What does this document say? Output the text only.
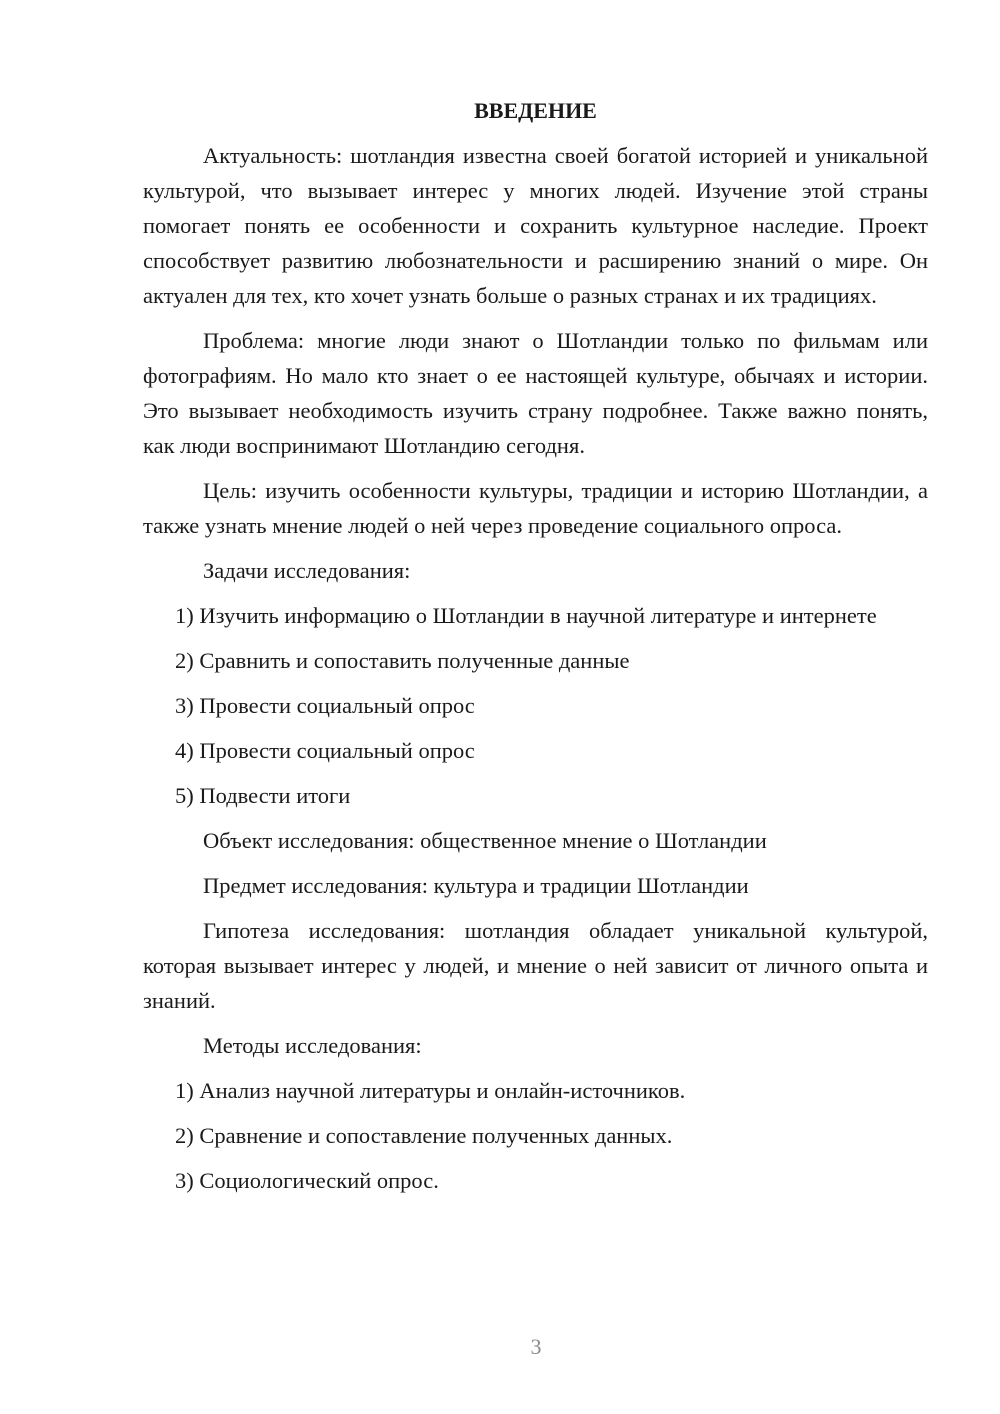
ВВЕДЕНИЕ

Актуальность: шотландия известна своей богатой историей и уникальной культурой, что вызывает интерес у многих людей. Изучение этой страны помогает понять ее особенности и сохранить культурное наследие. Проект способствует развитию любознательности и расширению знаний о мире. Он актуален для тех, кто хочет узнать больше о разных странах и их традициях.

Проблема: многие люди знают о Шотландии только по фильмам или фотографиям. Но мало кто знает о ее настоящей культуре, обычаях и истории. Это вызывает необходимость изучить страну подробнее. Также важно понять, как люди воспринимают Шотландию сегодня.

Цель: изучить особенности культуры, традиции и историю Шотландии, а также узнать мнение людей о ней через проведение социального опроса.

Задачи исследования:

1) Изучить информацию о Шотландии в научной литературе и интернете

2) Сравнить и сопоставить полученные данные

3) Провести социальный опрос

4) Провести социальный опрос

5) Подвести итоги

Объект исследования: общественное мнение о Шотландии

Предмет исследования: культура и традиции Шотландии

Гипотеза исследования: шотландия обладает уникальной культурой, которая вызывает интерес у людей, и мнение о ней зависит от личного опыта и знаний.

Методы исследования:

1) Анализ научной литературы и онлайн-источников.

2) Сравнение и сопоставление полученных данных.

3) Социологический опрос.

3
